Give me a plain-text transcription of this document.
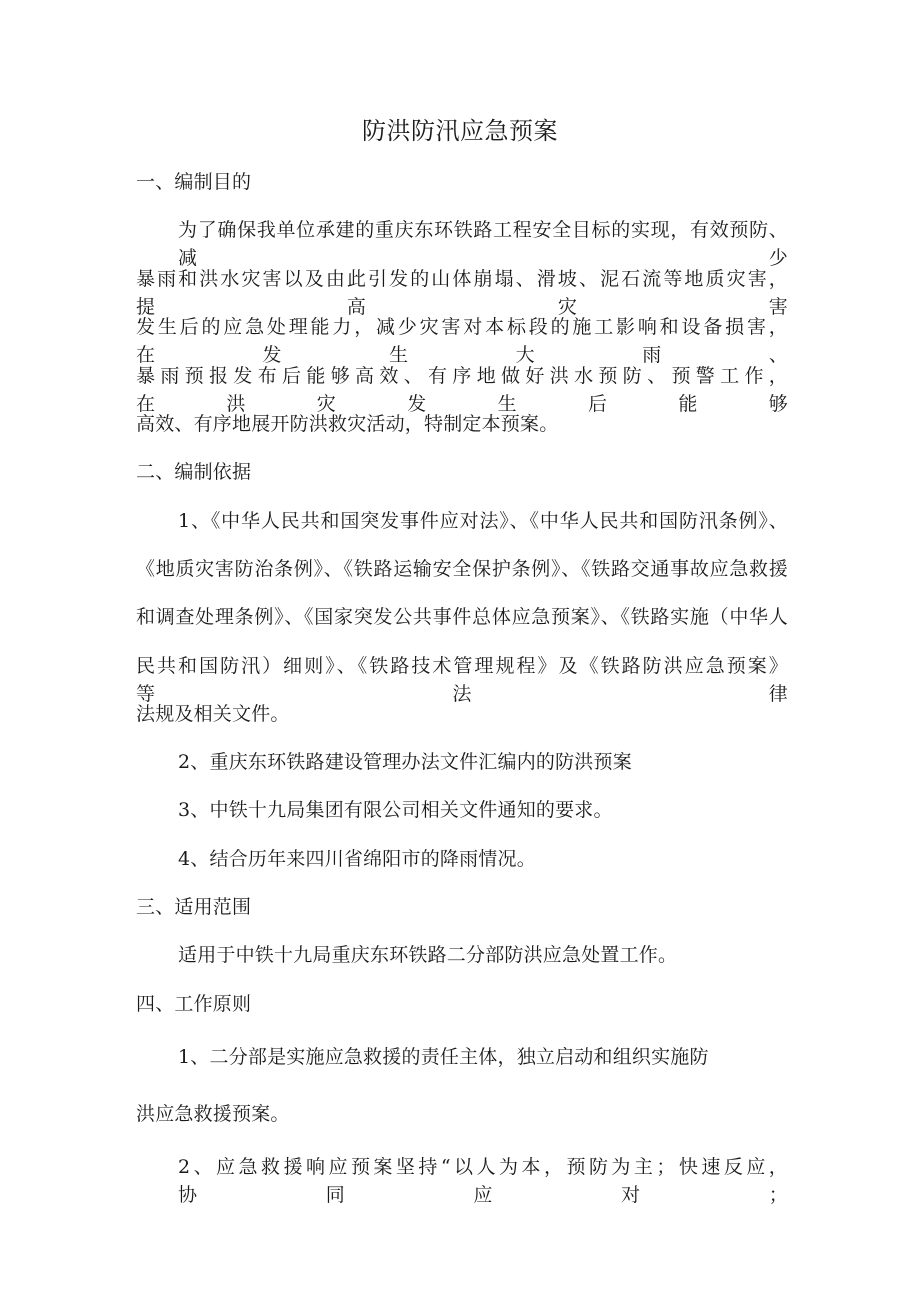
防洪防汛应急预案
一、编制目的
为了确保我单位承建的重庆东环铁路工程安全目标的实现，有效预防、减少
暴雨和洪水灾害以及由此引发的山体崩塌、滑坡、泥石流等地质灾害，提高灾害
发生后的应急处理能力，减少灾害对本标段的施工影响和设备损害，在发生大雨、
暴雨预报发布后能够高效、有序地做好洪水预防、预警工作，在洪灾发生后能够
高效、有序地展开防洪救灾活动，特制定本预案。
二、编制依据
1、《中华人民共和国突发事件应对法》、《中华人民共和国防汛条例》、
《地质灾害防治条例》、《铁路运输安全保护条例》、《铁路交通事故应急救援
和调查处理条例》、《国家突发公共事件总体应急预案》、《铁路实施（中华人
民共和国防汛）细则》、《铁路技术管理规程》及《铁路防洪应急预案》等法律
法规及相关文件。
2、重庆东环铁路建设管理办法文件汇编内的防洪预案
3、中铁十九局集团有限公司相关文件通知的要求。
4、结合历年来四川省绵阳市的降雨情况。
三、适用范围
适用于中铁十九局重庆东环铁路二分部防洪应急处置工作。
四、工作原则
1、二分部是实施应急救援的责任主体，独立启动和组织实施防
洪应急救援预案。
2、应急救援响应预案坚持“以人为本，预防为主；快速反应，协同应对；
